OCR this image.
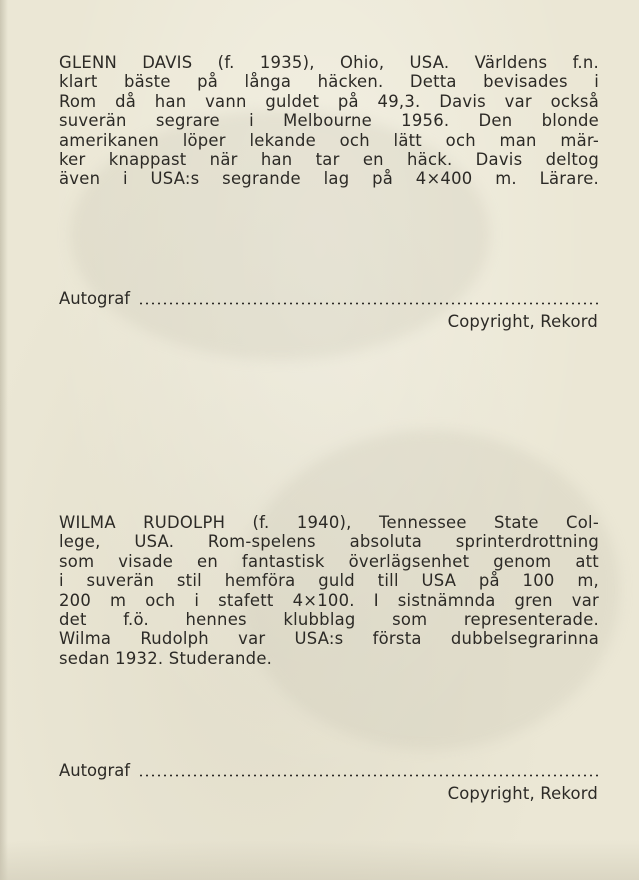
GLENN DAVIS (f. 1935), Ohio, USA. Världens f.n.
klart bäste på långa häcken. Detta bevisades i
Rom då han vann guldet på 49,3. Davis var också
suverän segrare i Melbourne 1956. Den blonde
amerikanen löper lekande och lätt och man mär-
ker knappast när han tar en häck. Davis deltog
även i USA:s segrande lag på 4×400 m. Lärare.
Autograf
Copyright, Rekord
WILMA RUDOLPH (f. 1940), Tennessee State Col-
lege, USA. Rom-spelens absoluta sprinterdrottning
som visade en fantastisk överlägsenhet genom att
i suverän stil hemföra guld till USA på 100 m,
200 m och i stafett 4×100. I sistnämnda gren var
det f.ö. hennes klubblag som representerade.
Wilma Rudolph var USA:s första dubbelsegrarinna
sedan 1932. Studerande.
Autograf
Copyright, Rekord
